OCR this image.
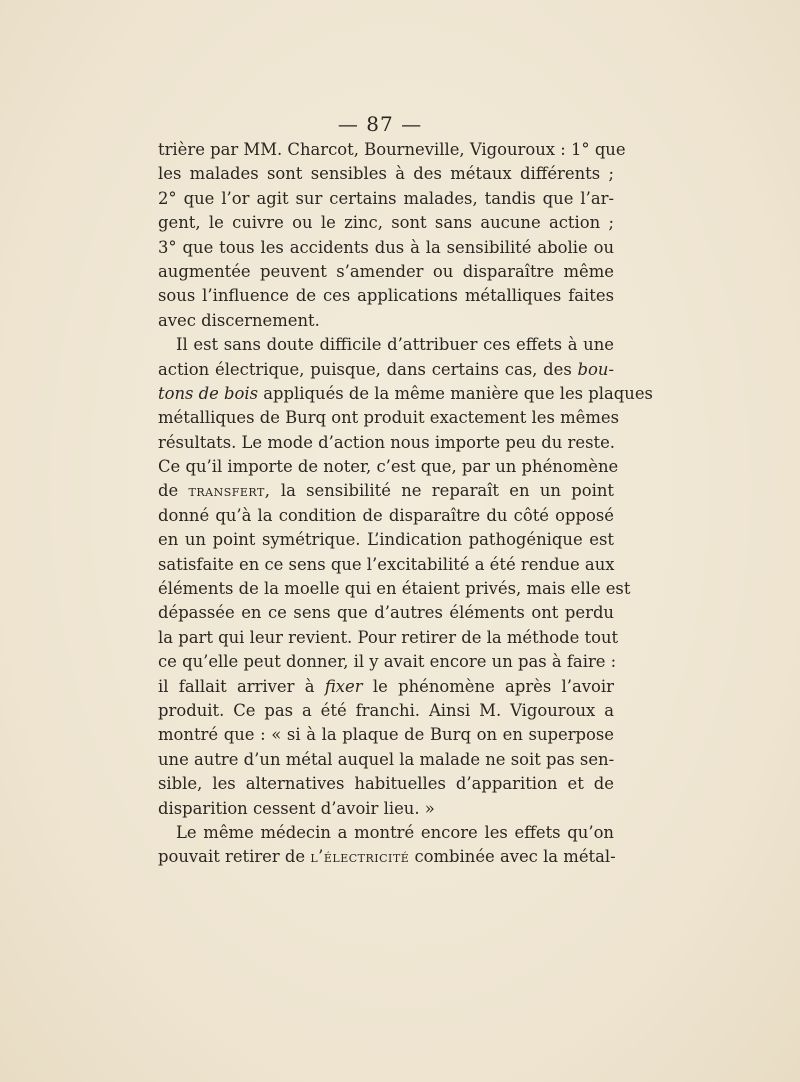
— 87 —
trière par MM. Charcot, Bourneville, Vigouroux : 1° que
les malades sont sensibles à des métaux différents ;
2° que l’or agit sur certains malades, tandis que l’ar-
gent, le cuivre ou le zinc, sont sans aucune action ;
3° que tous les accidents dus à la sensibilité abolie ou
augmentée peuvent s’amender ou disparaître même
sous l’influence de ces applications métalliques faites
avec discernement.
Il est sans doute difficile d’attribuer ces effets à une
action électrique, puisque, dans certains cas, des bou-
tons de bois appliqués de la même manière que les plaques
métalliques de Burq ont produit exactement les mêmes
résultats. Le mode d’action nous importe peu du reste.
Ce qu’il importe de noter, c’est que, par un phénomène
de transfert, la sensibilité ne reparaît en un point
donné qu’à la condition de disparaître du côté opposé
en un point symétrique. L’indication pathogénique est
satisfaite en ce sens que l’excitabilité a été rendue aux
éléments de la moelle qui en étaient privés, mais elle est
dépassée en ce sens que d’autres éléments ont perdu
la part qui leur revient. Pour retirer de la méthode tout
ce qu’elle peut donner, il y avait encore un pas à faire :
il fallait arriver à fixer le phénomène après l’avoir
produit. Ce pas a été franchi. Ainsi M. Vigouroux a
montré que : « si à la plaque de Burq on en superpose
une autre d’un métal auquel la malade ne soit pas sen-
sible, les alternatives habituelles d’apparition et de
disparition cessent d’avoir lieu. »
Le même médecin a montré encore les effets qu’on
pouvait retirer de l’électricité combinée avec la métal-
